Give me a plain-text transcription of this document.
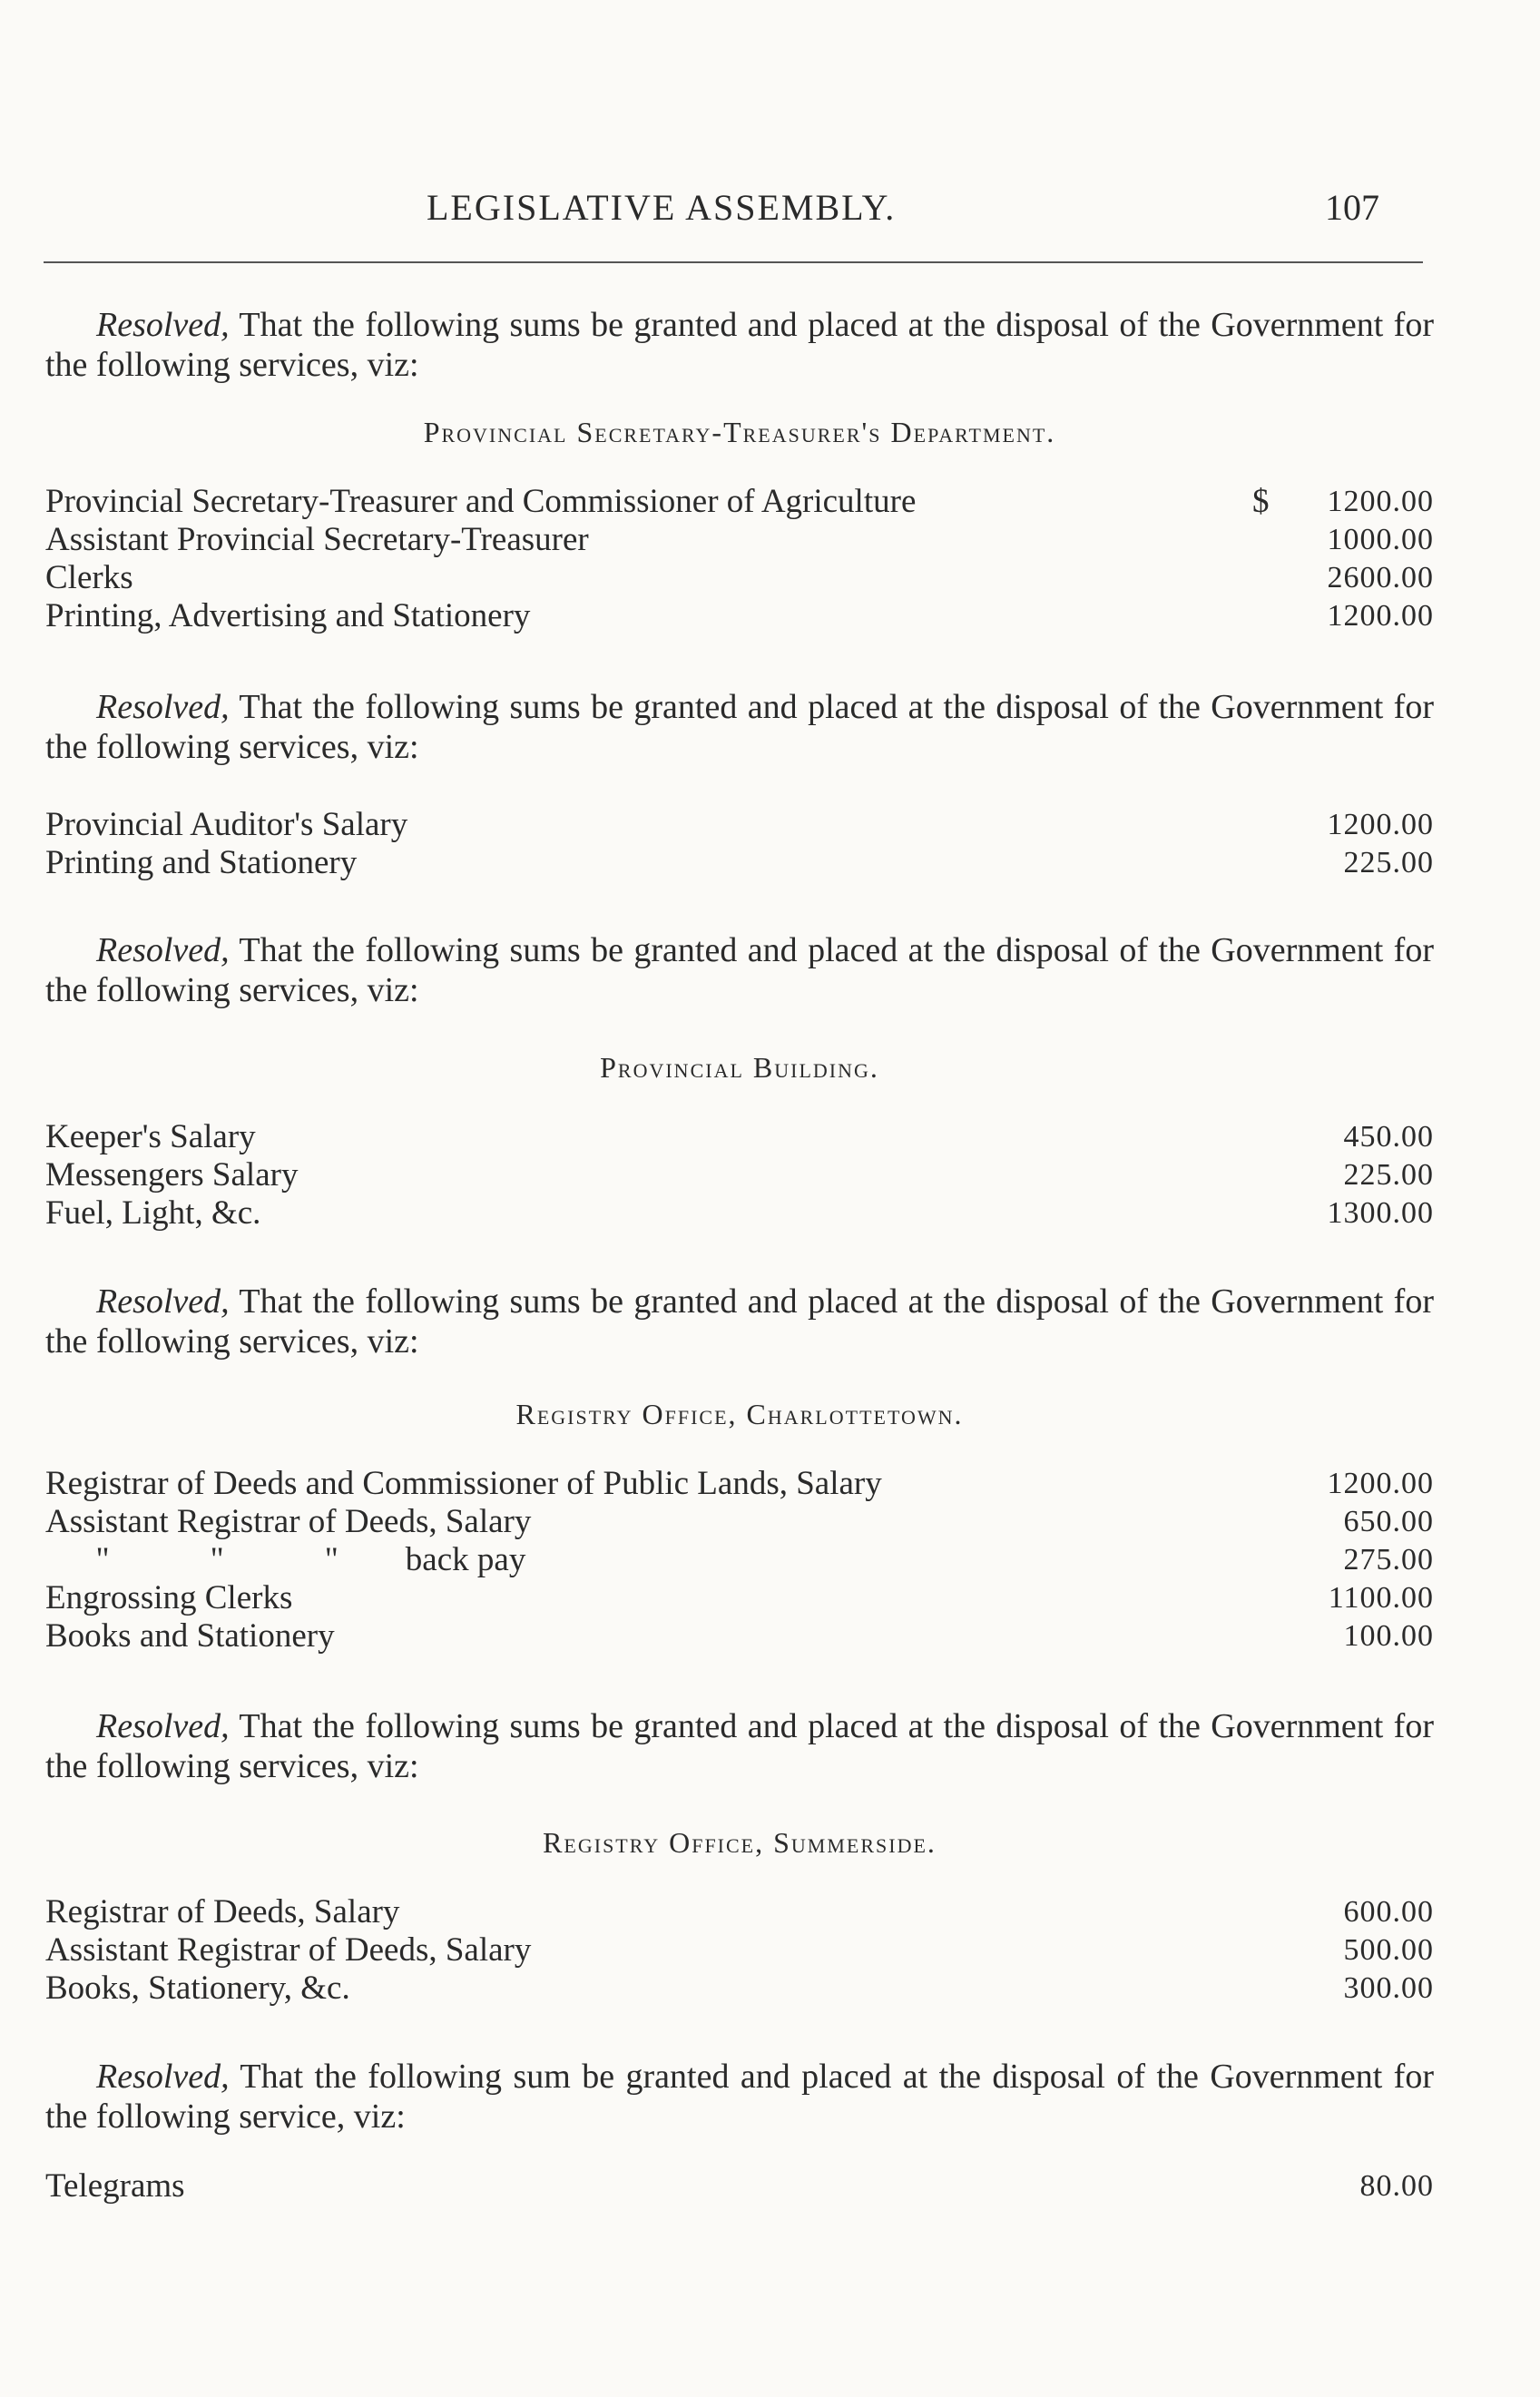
LEGISLATIVE ASSEMBLY.	107

Resolved, That the following sums be granted and placed at the disposal of the Government for the following services, viz:

Provincial Secretary-Treasurer's Department.

Provincial Secretary-Treasurer and Commissioner of Agriculture	$ 1200.00
Assistant Provincial Secretary-Treasurer	1000.00
Clerks	2600.00
Printing, Advertising and Stationery	1200.00

Resolved, That the following sums be granted and placed at the disposal of the Government for the following services, viz:

Provincial Auditor's Salary	1200.00
Printing and Stationery	225.00

Resolved, That the following sums be granted and placed at the disposal of the Government for the following services, viz:

Provincial Building.

Keeper's Salary	450.00
Messengers Salary	225.00
Fuel, Light, &c.	1300.00

Resolved, That the following sums be granted and placed at the disposal of the Government for the following services, viz:

Registry Office, Charlottetown.

Registrar of Deeds and Commissioner of Public Lands, Salary	1200.00
Assistant Registrar of Deeds, Salary	650.00
"            "            "        back pay	275.00
Engrossing Clerks	1100.00
Books and Stationery	100.00

Resolved, That the following sums be granted and placed at the disposal of the Government for the following services, viz:

Registry Office, Summerside.

Registrar of Deeds, Salary	600.00
Assistant Registrar of Deeds, Salary	500.00
Books, Stationery, &c.	300.00

Resolved, That the following sum be granted and placed at the disposal of the Government for the following service, viz:

Telegrams	80.00
